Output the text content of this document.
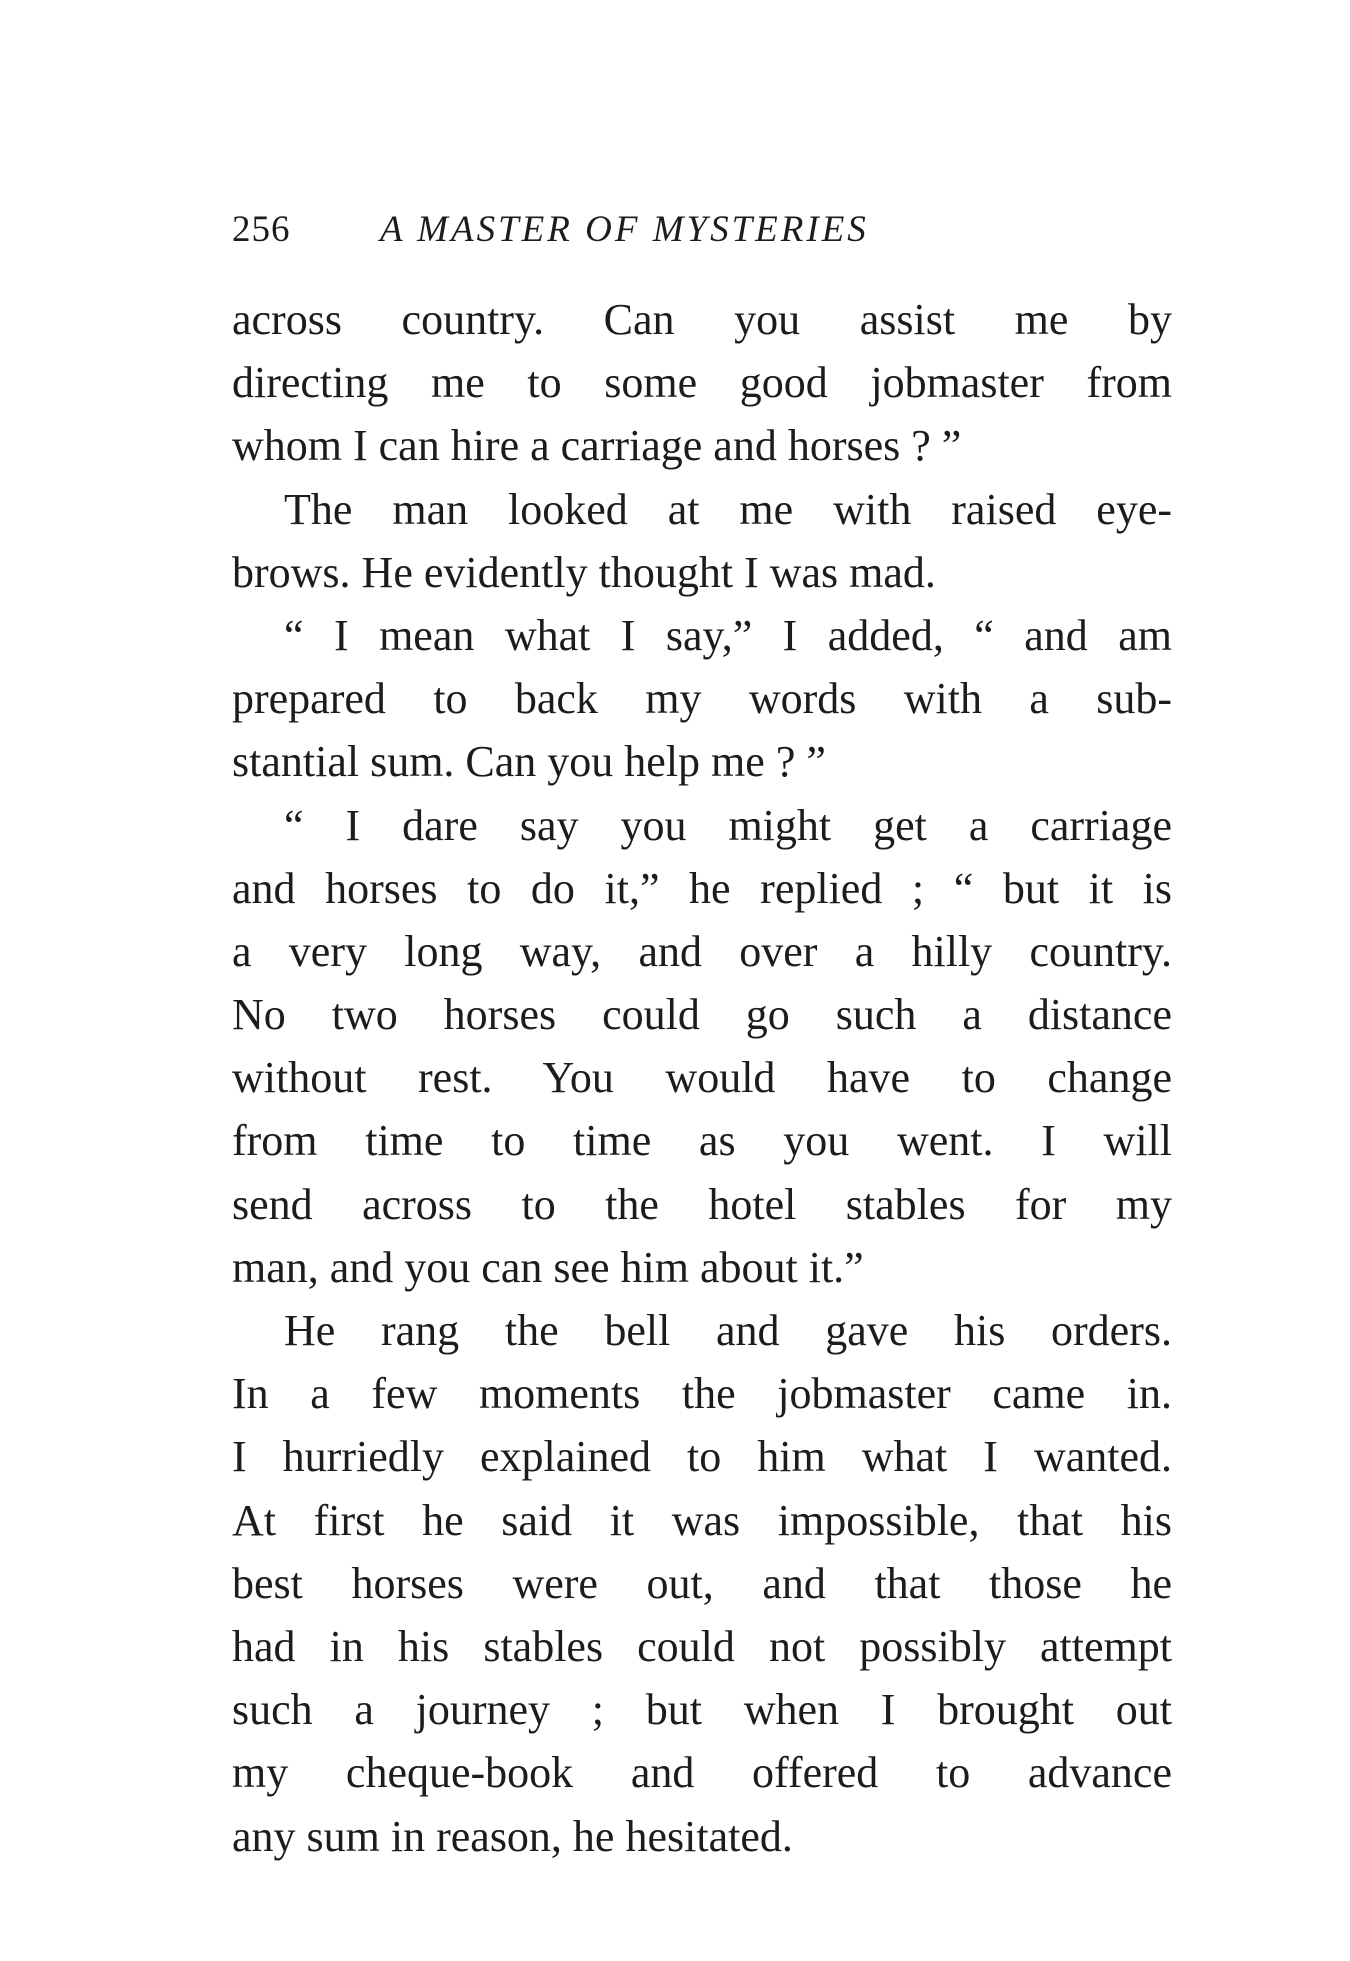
256 A MASTER OF MYSTERIES
across country. Can you assist me by
directing me to some good jobmaster from
whom I can hire a carriage and horses ? ”
The man looked at me with raised eye-
brows. He evidently thought I was mad.
“ I mean what I say,” I added, “ and am
prepared to back my words with a sub-
stantial sum. Can you help me ? ”
“ I dare say you might get a carriage
and horses to do it,” he replied ; “ but it is
a very long way, and over a hilly country.
No two horses could go such a distance
without rest. You would have to change
from time to time as you went. I will
send across to the hotel stables for my
man, and you can see him about it.”
He rang the bell and gave his orders.
In a few moments the jobmaster came in.
I hurriedly explained to him what I wanted.
At first he said it was impossible, that his
best horses were out, and that those he
had in his stables could not possibly attempt
such a journey ; but when I brought out
my cheque-book and offered to advance
any sum in reason, he hesitated.
